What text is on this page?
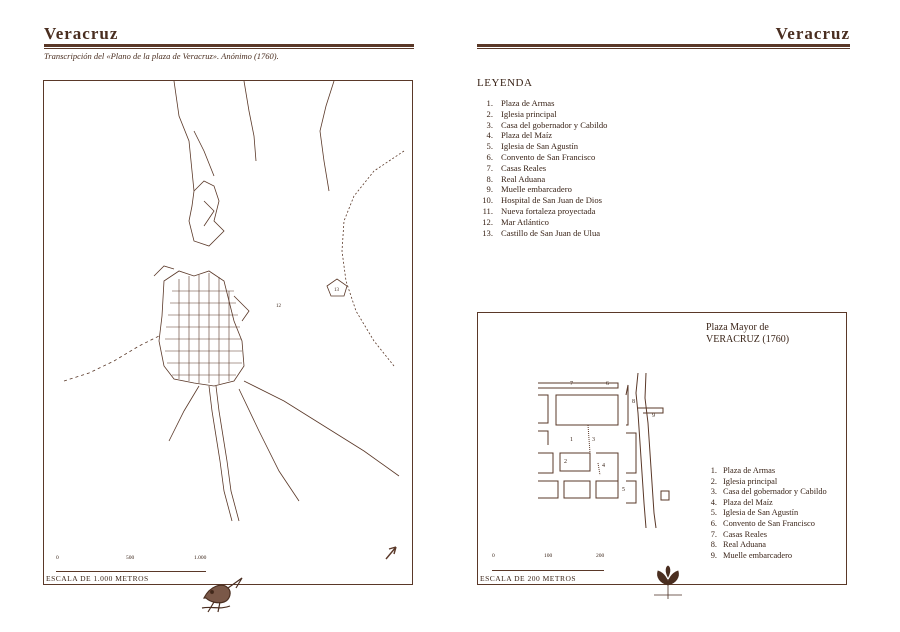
Veracruz
Transcripción del «Plano de la plaza de Veracruz». Anónimo (1760).
Veracruz
12
13
0	500	1.000
ESCALA DE 1.000 METROS
LEYENDA
1. Plaza de Armas
2. Iglesia principal
3. Casa del gobernador y Cabildo
4. Plaza del Maíz
5. Iglesia de San Agustín
6. Convento de San Francisco
7. Casas Reales
8. Real Aduana
9. Muelle embarcadero
10. Hospital de San Juan de Dios
11. Nueva fortaleza proyectada
12. Mar Atlántico
13. Castillo de San Juan de Ulua
7	6
8
9
1	3
2
4
5
Plaza Mayor de
VERACRUZ (1760)
1. Plaza de Armas
2. Iglesia principal
3. Casa del gobernador y Cabildo
4. Plaza del Maíz
5. Iglesia de San Agustín
6. Convento de San Francisco
7. Casas Reales
8. Real Aduana
9. Muelle embarcadero
0	100	200
ESCALA DE 200 METROS
